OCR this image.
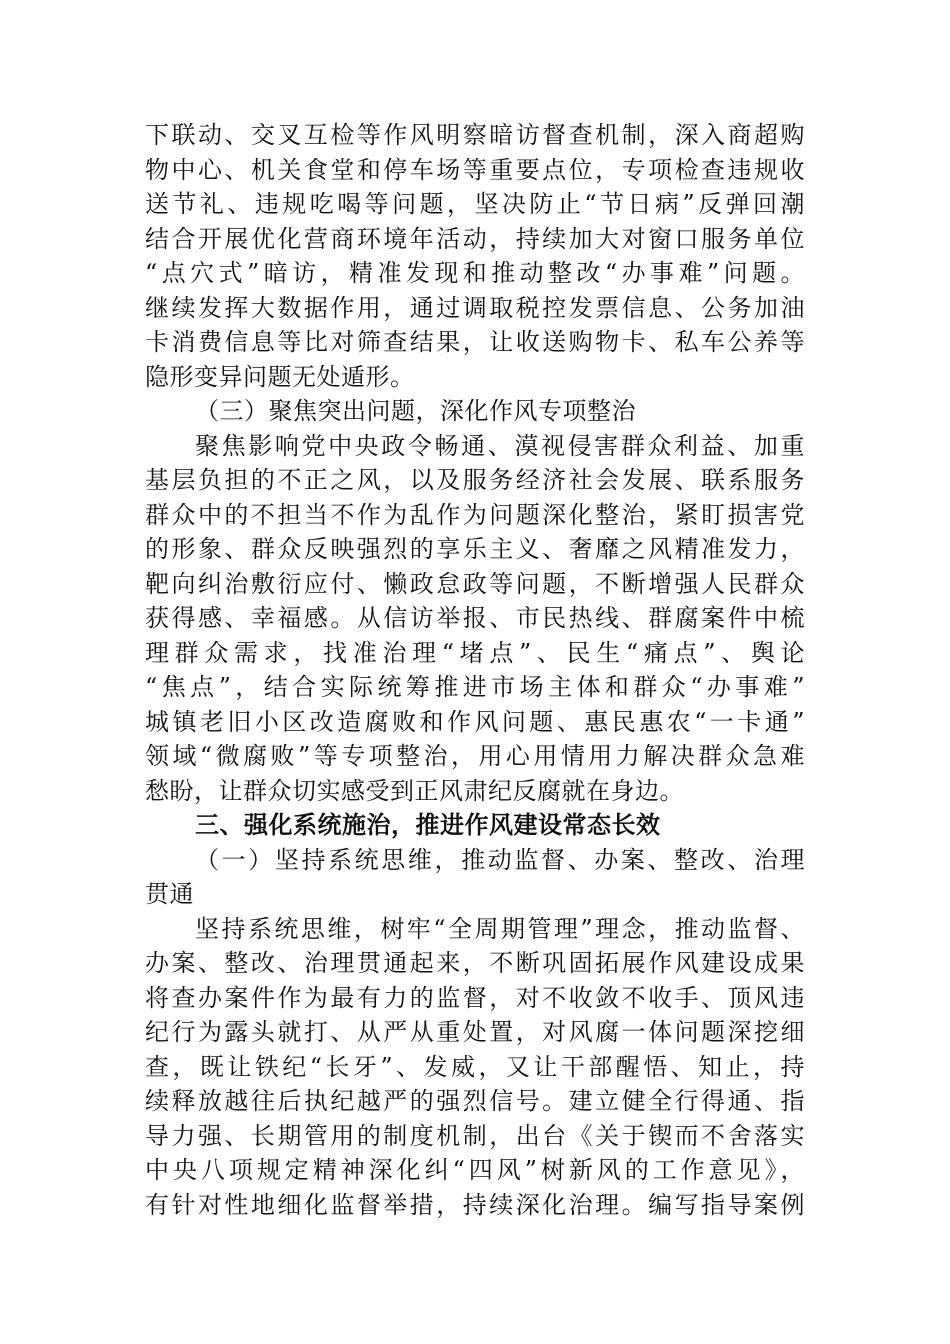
下联动、交叉互检等作风明察暗访督查机制，深入商超购
物中心、机关食堂和停车场等重要点位，专项检查违规收
送节礼、违规吃喝等问题，坚决防止“节日病”反弹回潮
结合开展优化营商环境年活动，持续加大对窗口服务单位
“点穴式”暗访，精准发现和推动整改“办事难”问题。
继续发挥大数据作用，通过调取税控发票信息、公务加油
卡消费信息等比对筛查结果，让收送购物卡、私车公养等
隐形变异问题无处遁形。
（三）聚焦突出问题，深化作风专项整治
聚焦影响党中央政令畅通、漠视侵害群众利益、加重
基层负担的不正之风，以及服务经济社会发展、联系服务
群众中的不担当不作为乱作为问题深化整治，紧盯损害党
的形象、群众反映强烈的享乐主义、奢靡之风精准发力，
靶向纠治敷衍应付、懒政怠政等问题，不断增强人民群众
获得感、幸福感。从信访举报、市民热线、群腐案件中梳
理群众需求，找准治理“堵点”、民生“痛点”、舆论
“焦点”，结合实际统筹推进市场主体和群众“办事难”
城镇老旧小区改造腐败和作风问题、惠民惠农“一卡通”
领域“微腐败”等专项整治，用心用情用力解决群众急难
愁盼，让群众切实感受到正风肃纪反腐就在身边。
三、强化系统施治，推进作风建设常态长效
（一）坚持系统思维，推动监督、办案、整改、治理
贯通
坚持系统思维，树牢“全周期管理”理念，推动监督、
办案、整改、治理贯通起来，不断巩固拓展作风建设成果
将查办案件作为最有力的监督，对不收敛不收手、顶风违
纪行为露头就打、从严从重处置，对风腐一体问题深挖细
查，既让铁纪“长牙”、发威，又让干部醒悟、知止，持
续释放越往后执纪越严的强烈信号。建立健全行得通、指
导力强、长期管用的制度机制，出台《关于锲而不舍落实
中央八项规定精神深化纠“四风”树新风的工作意见》，
有针对性地细化监督举措，持续深化治理。编写指导案例
